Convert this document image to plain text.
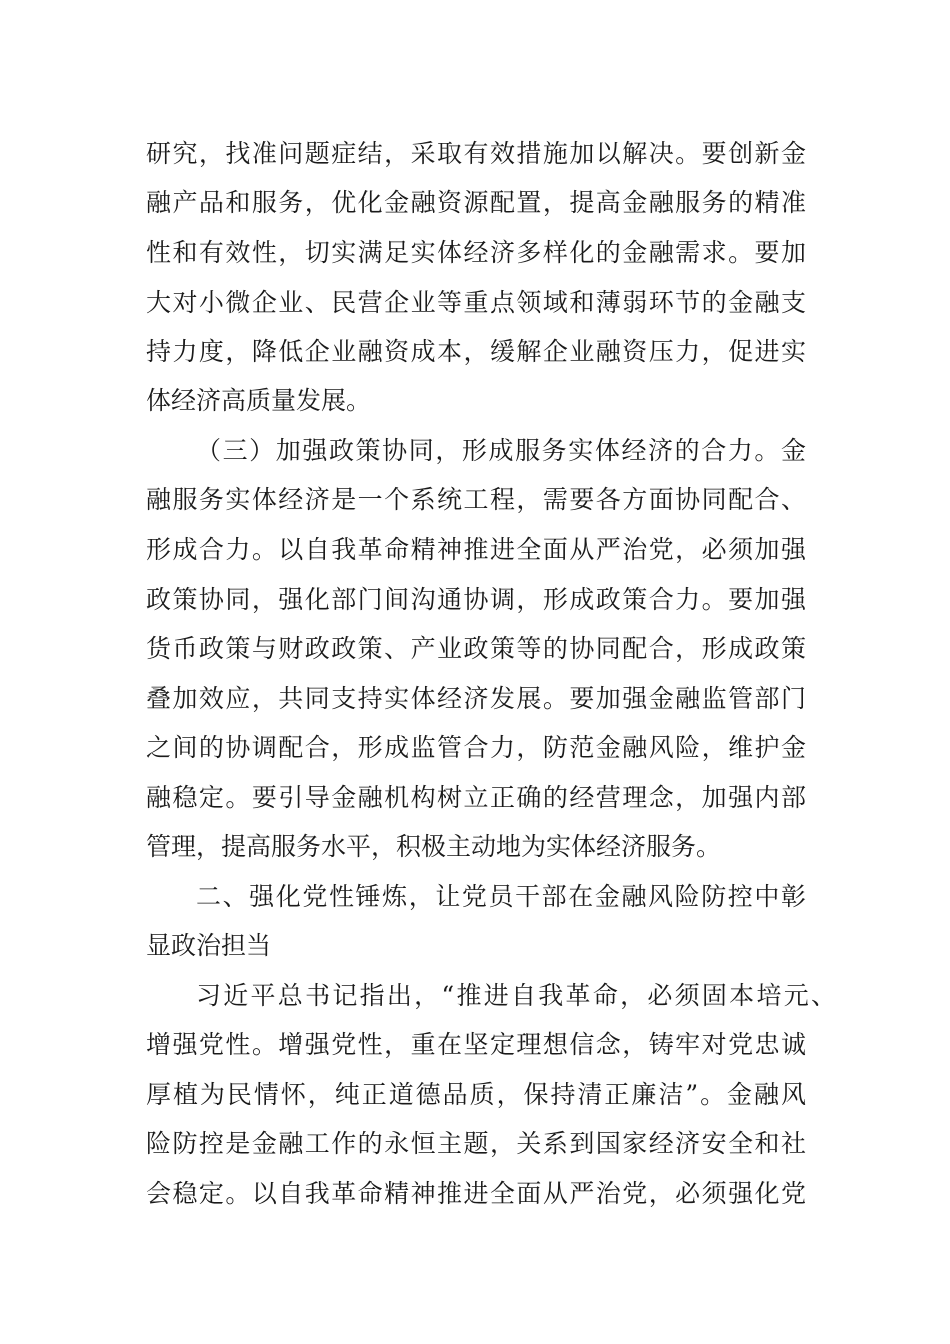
研究，找准问题症结，采取有效措施加以解决。要创新金
融产品和服务，优化金融资源配置，提高金融服务的精准
性和有效性，切实满足实体经济多样化的金融需求。要加
大对小微企业、民营企业等重点领域和薄弱环节的金融支
持力度，降低企业融资成本，缓解企业融资压力，促进实
体经济高质量发展。
（三）加强政策协同，形成服务实体经济的合力。金
融服务实体经济是一个系统工程，需要各方面协同配合、
形成合力。以自我革命精神推进全面从严治党，必须加强
政策协同，强化部门间沟通协调，形成政策合力。要加强
货币政策与财政政策、产业政策等的协同配合，形成政策
叠加效应，共同支持实体经济发展。要加强金融监管部门
之间的协调配合，形成监管合力，防范金融风险，维护金
融稳定。要引导金融机构树立正确的经营理念，加强内部
管理，提高服务水平，积极主动地为实体经济服务。
二、强化党性锤炼，让党员干部在金融风险防控中彰
显政治担当
习近平总书记指出，“推进自我革命，必须固本培元、
增强党性。增强党性，重在坚定理想信念，铸牢对党忠诚
厚植为民情怀，纯正道德品质，保持清正廉洁”。金融风
险防控是金融工作的永恒主题，关系到国家经济安全和社
会稳定。以自我革命精神推进全面从严治党，必须强化党
